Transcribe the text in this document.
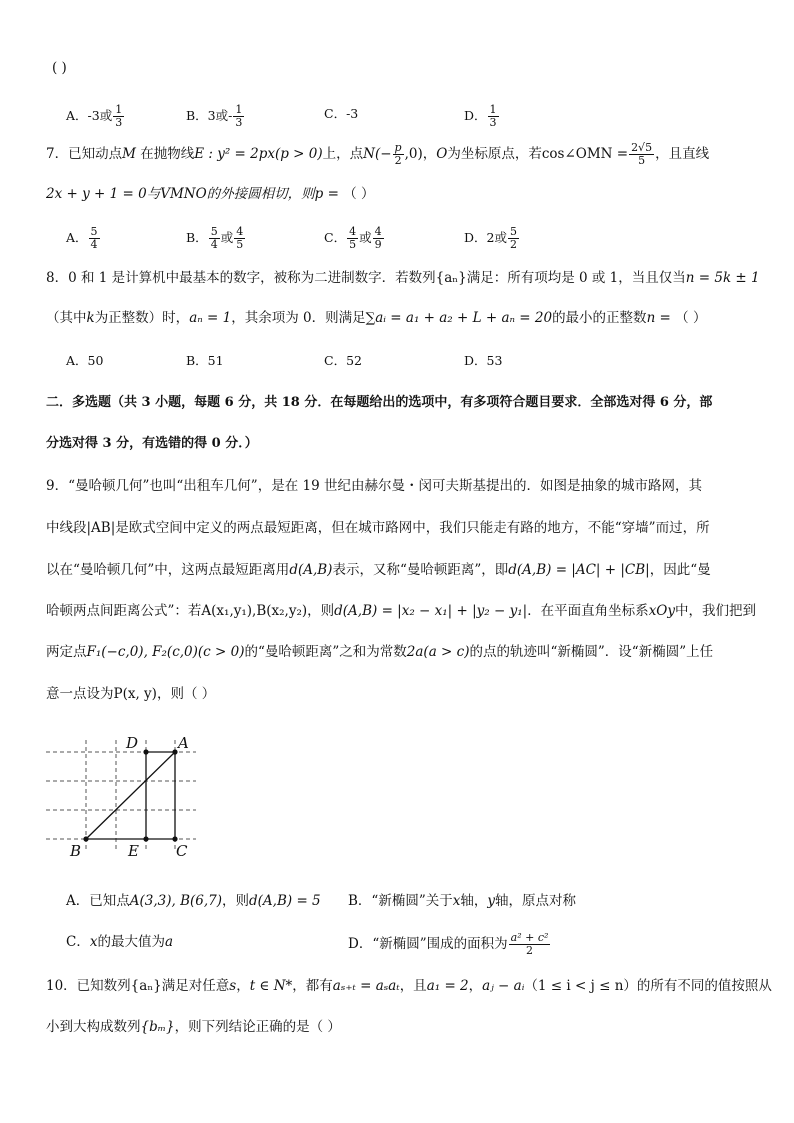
( )
A．-3或 $\frac{1}{3}$	B．3或- $\frac{1}{3}$	C．-3	D． $\frac{1}{3}$
7．已知动点M 在抛物线E : y² = 2px(p > 0)上，点$N(- \frac{p}{2} ,0)$，O为坐标原点，若cos∠OMN = $\frac{2√5}{5}$ ，且直线
2x + y + 1 = 0与VMNO的外接圆相切，则p = （ ）
A． $\frac{5}{4}$	B． $\frac{5}{4}$ 或 $\frac{4}{5}$	C． $\frac{4}{5}$ 或 $\frac{4}{9}$	D．2或 $\frac{5}{2}$
8．0 和 1 是计算机中最基本的数字，被称为二进制数字．若数列{aₙ}满足：所有项均是 0 或 1，当且仅当n = 5k ± 1
（其中k为正整数）时，aₙ = 1，其余项为 0．则满足∑aᵢ = a₁ + a₂ + L + aₙ = 20的最小的正整数n = （ ）
A．50	B．51	C．52	D．53
二．多选题（共 3 小题，每题 6 分，共 18 分．在每题给出的选项中，有多项符合题目要求．全部选对得 6 分，部
分选对得 3 分，有选错的得 0 分．）
9．“曼哈顿几何”也叫“出租车几何”，是在 19 世纪由赫尔曼・闵可夫斯基提出的．如图是抽象的城市路网，其
中线段|AB|是欧式空间中定义的两点最短距离，但在城市路网中，我们只能走有路的地方，不能“穿墙”而过，所
以在“曼哈顿几何”中，这两点最短距离用d(A,B)表示，又称“曼哈顿距离”，即d(A,B) = |AC| + |CB|，因此“曼
哈顿两点间距离公式”：若A(x₁,y₁),B(x₂,y₂)，则d(A,B) = |x₂ − x₁| + |y₂ − y₁|．在平面直角坐标系xOy中，我们把到
两定点F₁(−c,0), F₂(c,0)(c > 0)的“曼哈顿距离”之和为常数2a(a > c)的点的轨迹叫“新椭圆”．设“新椭圆”上任
意一点设为P(x, y)，则（ ）
D	A
B	E C
A．已知点A(3,3), B(6,7)，则d(A,B) = 5 B．“新椭圆”关于x轴，y轴，原点对称
C．x的最大值为a	D．“新椭圆”围成的面积为 $\frac{\text{a² + c²}}{2}$
10．已知数列{aₙ}满足对任意s，t ∈ N*，都有aₛ₊ₜ = aₛaₜ，且a₁ = 2，aⱼ − aᵢ（1 ≤ i < j ≤ n）的所有不同的值按照从
小到大构成数列{bₘ}，则下列结论正确的是（ ）
